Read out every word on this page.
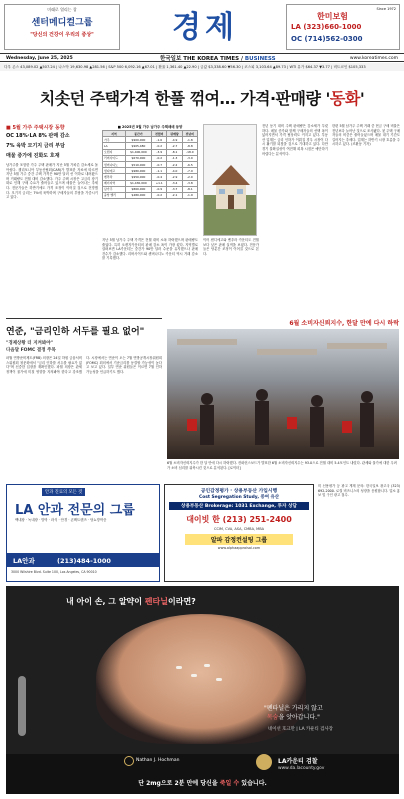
미래로 열리는 창
센터메디컬그룹
"당신의 건강이 우리의 증상"	경제
Since 1972
한미보험
LA (323)660-1000
OC (714)562-0300
Wednesday, June 25, 2025	한국일보 THE KOREA TIMES / BUSINESS	www.koreatimes.com
다우 존스 43,089.02 ▲507.24 | 나스닥 19,630.98 ▲281.56 | S&P 500 6,092.16 ▲67.01 | 환율 1,361.40 ▲22.90 | 금값 $3,338.60 ▼56.30 | 코스피 3,103.64 ▲89.73 | WTI 유가 $64.37 ▼3.77 | 비트코인 $105,333
치솟던 주택가격 한풀 꺾여… 가격·판매량 '동화'
■ 5월 가주 주택시장 동향
OC 18%·LA 8% 판매 감소
7% 육박 모기지 금리 부담
매물 증가에 진화도 호재
남가주를 포함한 가주 주택 판매가 지난 5월 가파른 감소세로 돌아섰다. 캘리포니아 부동산협회(CAR)가 발표한 자료에 따르면 지난 5월 가주 중간 주택 가격은 90만 달러 선 이하로 내려왔으며 거래량도 전월 대비 감소했다. 가주 주택 시장은 고금리 장기화로 인해 구매 수요가 줄어들고 있으며 매물은 늘어나는 추세다. 전문가들은 하반기에도 가격 조정이 이어질 것으로 전망했다. 모기지 금리는 7%에 육박하며 구매자들의 부담을 가중시키고 있다.
■ 2025년 5월 가주 남가주 주택매매 동향
지역	중간가	전월비	판매량	전년비
가주	$900,000	-1.6	-4.9	-1.8
LA	$905,480	-0.2	-2.7	-8.8
오렌지	$1,400,000	-3.9	-8.1	-18.0
리버사이드	$670,000	-0.2	-1.3	-3.0
샌버나디노	$510,000	-0.7	-2.2	-6.5
샌디에고	$980,000	-1.1	-4.0	-7.9
벤추라	$950,000	-0.4	-2.9	-2.0
베이지역	$1,430,000	+1.1	-3.4	-3.8
남가주	$860,000	-0.9	-3.7	-8.1
중앙 밸리	$480,000	-0.2	-2.1	-1.9
지난 5월 남가주 주택 가격은 전월 대비 소폭 하락했으며 판매량도 줄었다. 특히 오렌지카운티의 판매 감소 폭이 가장 컸다. 지역별로 살펴보면 LA카운티는 중간가 90만 달러 수준을 유지했으나 판매 건수가 감소했다. 리버사이드와 샌버나디노 카운티 역시 거래 감소를 기록했다.
이어 샌디에고와 벤추라 카운티도 전월보다 낮은 판매 실적을 보였다. 전문가들은 당분간 조정이 이어질 것으로 본다.
전년 동기 대비 주택 판매량은 감소세가 뚜렷하다. 매물 증가와 함께 구매자들의 선택 폭이 넓어지면서 가격 협상력도 커지고 있다. 부동산 업계는 금리 인하가 이뤄질 경우 시장이 다시 활기를 되찾을 것으로 기대하고 있다. 다만 경기 불확실성이 여전해 회복 시점은 예단하기 어렵다는 분석이다.
한편 5월 남가주 주택 거래 중 현금 구매 비율은 전년보다 늘어난 것으로 조사됐다. 첫 주택 구매자들의 비중은 줄어들었으며 매물 대기 기간도 길어지는 추세다. 업계는 하반기 시장 흐름을 주시하고 있다. (조환동 기자)
연준, "금리인하 서두를 필요 없어"
"경제상황 더 지켜봐야"
다음달 FOMC 결정 주목
파월 연방준비제도(FRB) 의장은 24일 하원 금융서비스위원회 청문회에서 "금리 인하를 서두를 필요가 없다"며 신중한 입장을 재확인했다. 파월 의장은 관세 정책이 물가에 미칠 영향을 지켜봐야 한다고 강조했다. 시장에서는 연준이 오는 7월 연방공개시장위원회(FOMC) 회의에서 기준금리를 동결할 가능성이 높다고 보고 있다. 일부 연준 위원들은 이르면 7월 인하 가능성을 언급하기도 했다.
6월 소비자신뢰지수, 한달 만에 다시 하락
6월 소비자신뢰지수가 한 달 만에 다시 하락했다. 컨퍼런스보드가 발표한 6월 소비자신뢰지수는 93.0으로 전월 대비 5.4포인트 내렸다. 관세와 물가에 대한 우려가 소비 심리를 위축시킨 것으로 분석된다. [로이터]
안과 진료의 모든 것
LA 안과 전문의 그룹
백내장 · 녹내장 · 망막 · 라식 · 안경 · 콘택트렌즈 · 당뇨망막증
LA안과	(213)484-1000
3000 Wilshire Blvd. Suite 100, Los Angeles, CA 90010
공인감정평가 · 상용부동산 가입시행
Cost Segregation Study, 중여 유산
상용부동산 Brokerage: 1031 Exchange, 투자 상담
대이빗 한 (213) 251-2400
CCIM, CVA, ASA, CMBA, MBA
알파 감정컨설팅 그룹
www.alphaappraisal.com
미 신용평가 등 광고 게재 문의: 한국일보 광고국 (323) 692-2000. 로컬 비즈니스의 성장을 응원합니다. 업소 홍보 및 구인 광고 접수.
내 아이 손, 그 알약이 펜타닐이라면?
"펜타닐은 가리지 않고
목숨을 앗아갑니다."
네이선 호크만 | LA 카운티 검사장
Nathan J. Hochman	LA카운티 검찰
www.da.lacounty.gov
단 2mg으로 2분 만에 당신을 죽일 수 있습니다.
